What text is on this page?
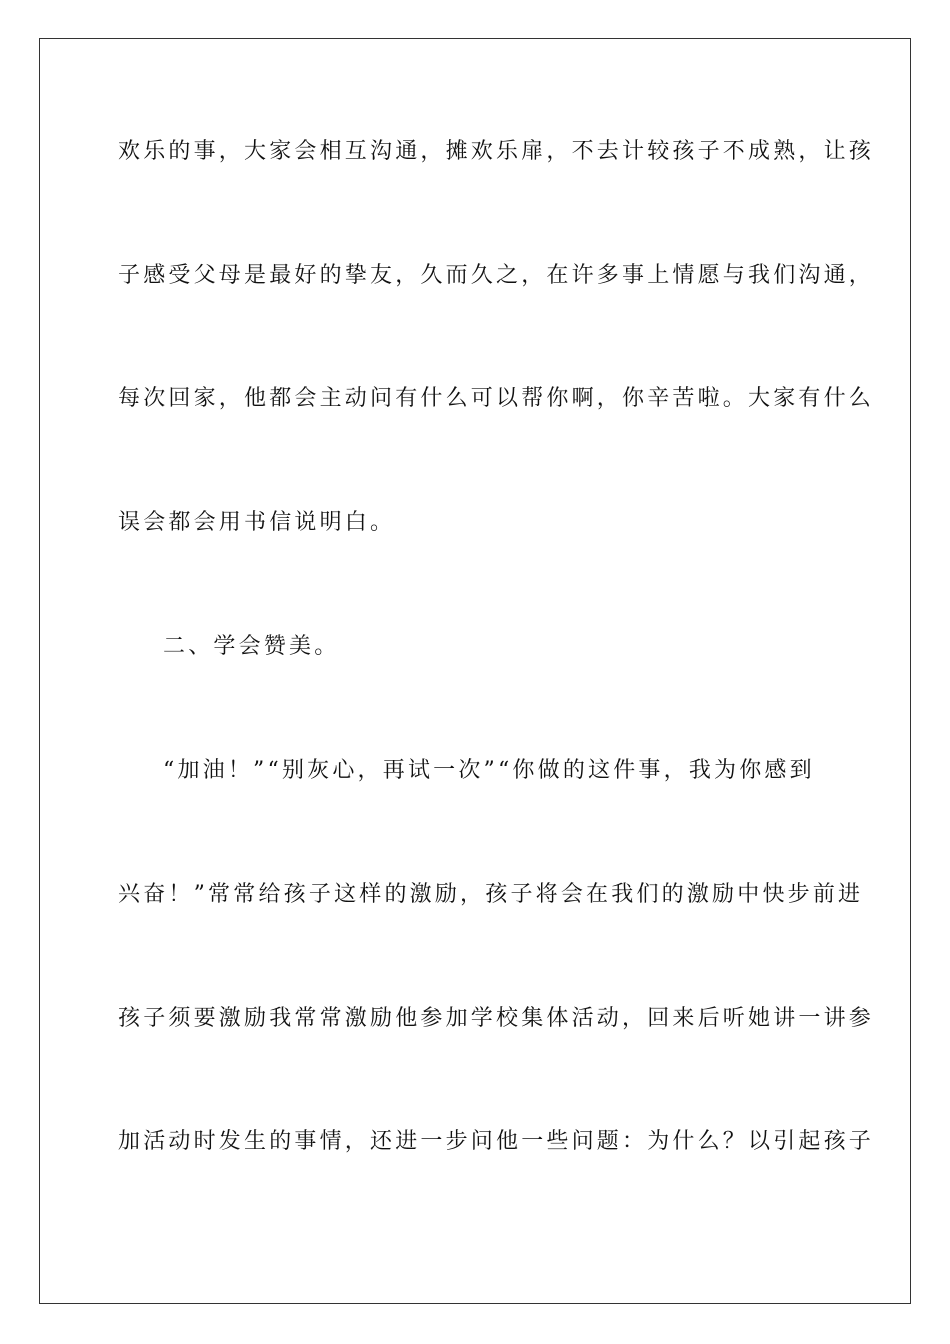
欢乐的事，大家会相互沟通，摊欢乐扉，不去计较孩子不成熟，让孩
子感受父母是最好的挚友，久而久之，在许多事上情愿与我们沟通，
每次回家，他都会主动问有什么可以帮你啊，你辛苦啦。大家有什么
误会都会用书信说明白。
二、学会赞美。
“加油！”“别灰心，再试一次”“你做的这件事，我为你感到
兴奋！”常常给孩子这样的激励，孩子将会在我们的激励中快步前进
孩子须要激励我常常激励他参加学校集体活动，回来后听她讲一讲参
加活动时发生的事情，还进一步问他一些问题：为什么？以引起孩子
